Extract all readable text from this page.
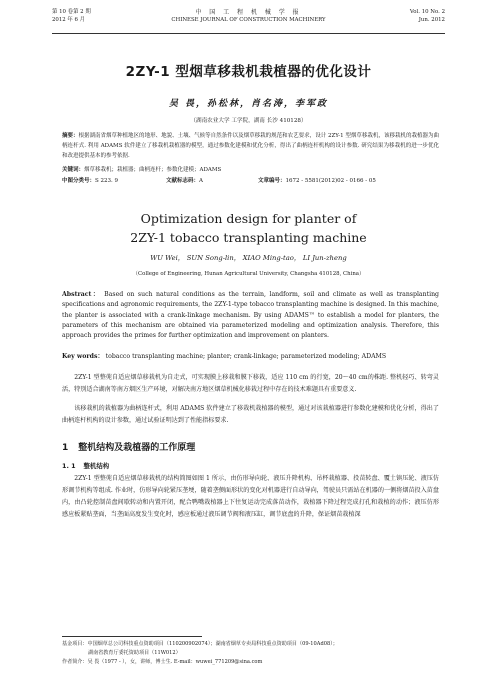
第 10 卷第 2 期
2012 年 6 月
中 国 工 程 机 械 学 报
CHINESE JOURNAL OF CONSTRUCTION MACHINERY
Vol. 10 No. 2
Jun. 2012
2ZY-1 型烟草移栽机栽植器的优化设计
吴 畏，孙松林，肖名涛，李军政
（湖南农业大学 工学院，湖南 长沙 410128）
摘要：根据湖南省烟草种植地区的地形、地貌、土壤、气候等自然条件以及烟草移栽的规范和农艺要求，设计 2ZY-1 型烟草移栽机，该移栽机的栽植器为曲柄连杆式. 利用 ADAMS 软件建立了移栽机栽植器的模型，通过参数化建模和优化分析，得出了曲柄连杆机构的设计参数. 研究结果为移栽机的进一步优化和改进提供基本的参考依据.
关键词：烟草移栽机；栽植器；曲柄连杆；参数化建模；ADAMS
中图分类号：S 223. 9	文献标志码：A	文章编号：1672 - 5581(2012)02 - 0166 - 05
Optimization design for planter of
2ZY-1 tobacco transplanting machine
WU Wei， SUN Song-lin， XIAO Ming-tao， LI Jun-zheng
（College of Engineering, Hunan Agricultural University, Changsha 410128, China）
Abstract： Based on such natural conditions as the terrain, landform, soil and climate as well as transplanting specifications and agronomic requirements, the 2ZY-1-type tobacco transplanting machine is designed. In this machine, the planter is associated with a crank-linkage mechanism. By using ADAMS™ to establish a model for planters, the parameters of this mechanism are obtained via parameterized modeling and optimization analysis. Therefore, this approach provides the primes for further optimization and improvement on planters.
Key words： tobacco transplanting machine; planter; crank-linkage; parameterized modeling; ADAMS
2ZY-1 型整蔸自适应烟草移栽机为自走式，可实现膜上移栽和膜下移栽，适应 110 cm 的行宽，20～40 cm的株距. 整机轻巧、转弯灵活，特别适合湖南等南方烟区生产环境，对解决南方地区烟草机械化移栽过程中存在的技术难题具有重要意义.
该移栽机的栽植器为曲柄连杆式，利用 ADAMS 软件建立了移栽机栽植器的模型，通过对该栽植器进行参数化建模和优化分析，得出了曲柄连杆机构的设计参数，通过试验证明达到了性能指标要求.
1 整机结构及栽植器的工作原理
1. 1 整机结构
2ZY-1 型整蔸自适应烟草移栽机的结构简图如图 1 所示，由仿形导向轮、液压升降机构、吊杯栽植器、投苗转盘、覆土镇压轮、液压仿形调节机构等组成. 作业时，仿形导向轮紧压垄埂，随着垄侧面形状的变化对机器进行自动导向，驾驶员只需站在机器的一侧将烟苗投入苗盘内，由凸轮控制苗盘间歇转动和内置开闭，配合鸭嘴栽植器上下往复运动完成落苗动作，栽植器下降过程完成打孔和栽植的动作；液压仿形感应板紧贴垄面，当垄面高度发生变化时，感应板通过液压调节阀和液压缸，调节底盘的升降，保证烟苗栽植深
基金项目：中国烟草总公司科技重点资助项目（110200902074）；湖南省烟草专卖局科技重点资助项目（09-10Ad08）；
湖南省教育厅委托资助项目（11W012）
作者简介：吴 畏（1977 - ），女，讲师，博士生. E-mail：wuwei_771209@sina.com
